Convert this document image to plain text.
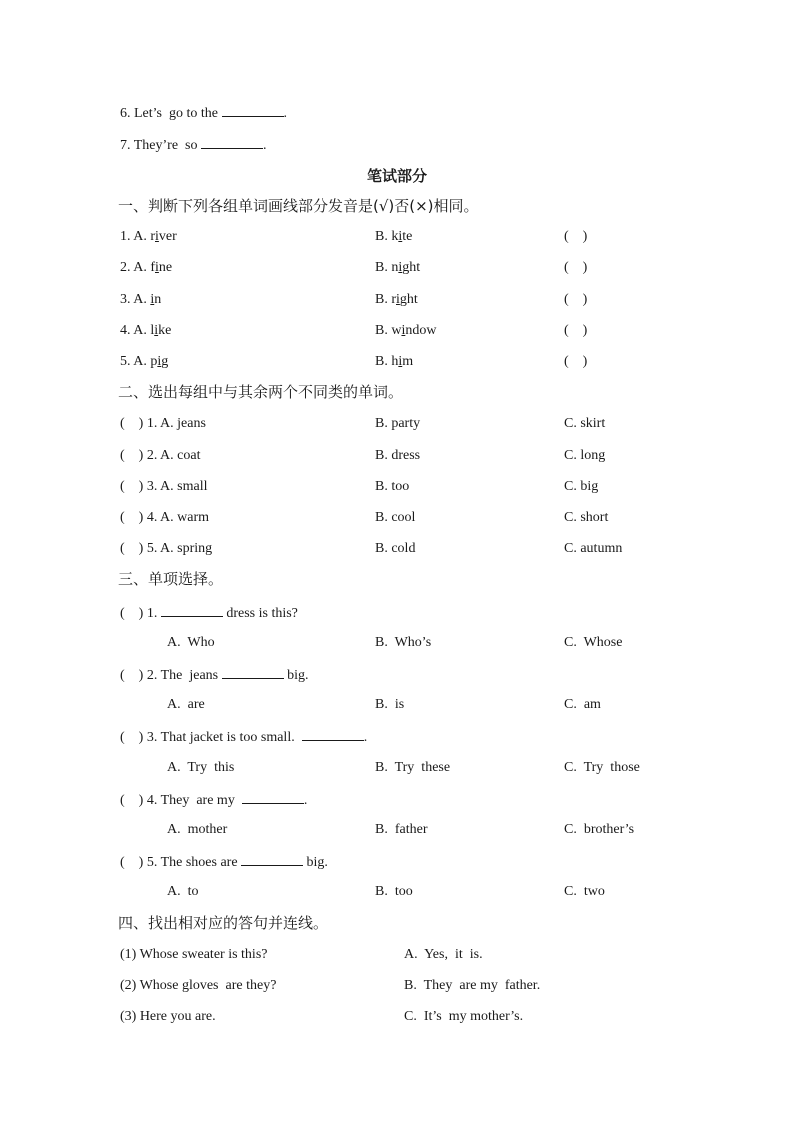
6. Let’s  go to the	.
7. They’re  so	.
笔试部分
一、判断下列各组单词画线部分发音是(√)否(×)相同。
1. A. river	B. kite	(    )
2. A. fine	B. night	(    )
3. A. in	B. right	(    )
4. A. like	B. window	(    )
5. A. pig	B. him	(    )
二、选出每组中与其余两个不同类的单词。
(    ) 1. A. jeans	B. party	C. skirt
(    ) 2. A. coat	B. dress	C. long
(    ) 3. A. small	B. too	C. big
(    ) 4. A. warm	B. cool	C. short
(    ) 5. A. spring	B. cold	C. autumn
三、单项选择。
(    ) 1.	dress is this?
A.  Who	B.  Who’s	C.  Whose
(    ) 2. The  jeans	big.
A.  are	B.  is	C.  am
(    ) 3. That jacket is too small.	.
A.  Try  this	B.  Try  these	C.  Try  those
(    ) 4. They  are my	.
A.  mother	B.  father	C.  brother’s
(    ) 5. The shoes are	big.
A.  to	B.  too	C.  two
四、找出相对应的答句并连线。
(1) Whose sweater is this?	A.  Yes,  it  is.
(2) Whose gloves  are they?	B.  They  are my  father.
(3) Here you are.	C.  It’s  my mother’s.
